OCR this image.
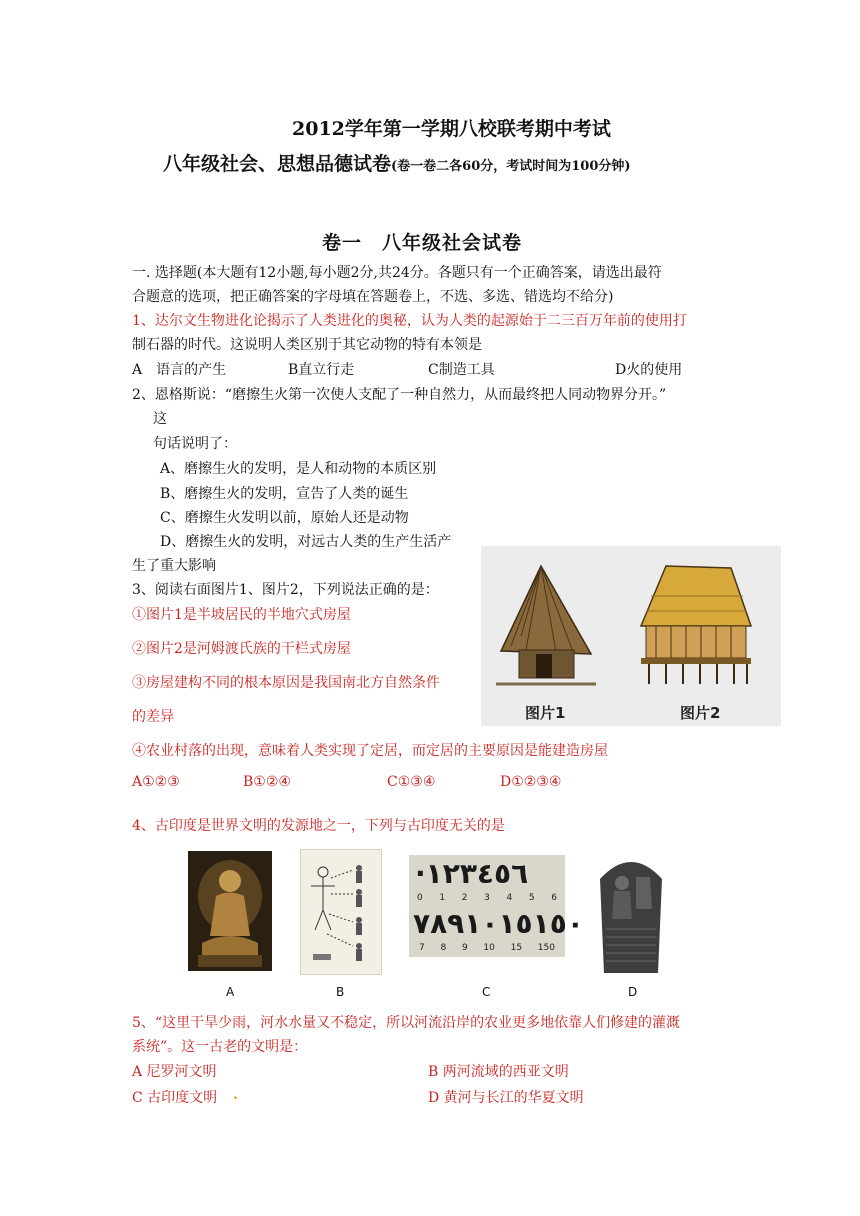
2012学年第一学期八校联考期中考试
八年级社会、思想品德试卷(卷一卷二各60分，考试时间为100分钟)
卷一　八年级社会试卷
一. 选择题(本大题有12小题,每小题2分,共24分。各题只有一个正确答案，请选出最符
合题意的选项，把正确答案的字母填在答题卷上，不选、多选、错选均不给分)
1、达尔文生物进化论揭示了人类进化的奥秘，认为人类的起源始于二三百万年前的使用打
制石器的时代。这说明人类区别于其它动物的特有本领是
A　语言的产生	B直立行走	C制造工具	D火的使用
2、恩格斯说：“磨擦生火第一次使人支配了一种自然力，从而最终把人同动物界分开。”
这
句话说明了：
A、磨擦生火的发明，是人和动物的本质区别
B、磨擦生火的发明，宣告了人类的诞生
C、磨擦生火发明以前，原始人还是动物
D、磨擦生火的发明，对远古人类的生产生活产
生了重大影响
图片1	图片2
3、阅读右面图片1、图片2，下列说法正确的是：
①图片1是半坡居民的半地穴式房屋
②图片2是河姆渡氏族的干栏式房屋
③房屋建构不同的根本原因是我国南北方自然条件
的差异
④农业村落的出现，意味着人类实现了定居，而定居的主要原因是能建造房屋
A①②③	B①②④	C①③④	D①②③④
4、古印度是世界文明的发源地之一，下列与古印度无关的是
A	B
·١٢٣٤٥٦
0 1 2 3 4 5 6
٧٨٩١٠١٥١٥٠
7 8 9 10 15 150
C	D
5、“这里干旱少雨，河水水量又不稳定，所以河流沿岸的农业更多地依靠人们修建的灌溉
系统”。这一古老的文明是：
A 尼罗河文明	B 两河流域的西亚文明
C 古印度文明 .	D 黄河与长江的华夏文明
